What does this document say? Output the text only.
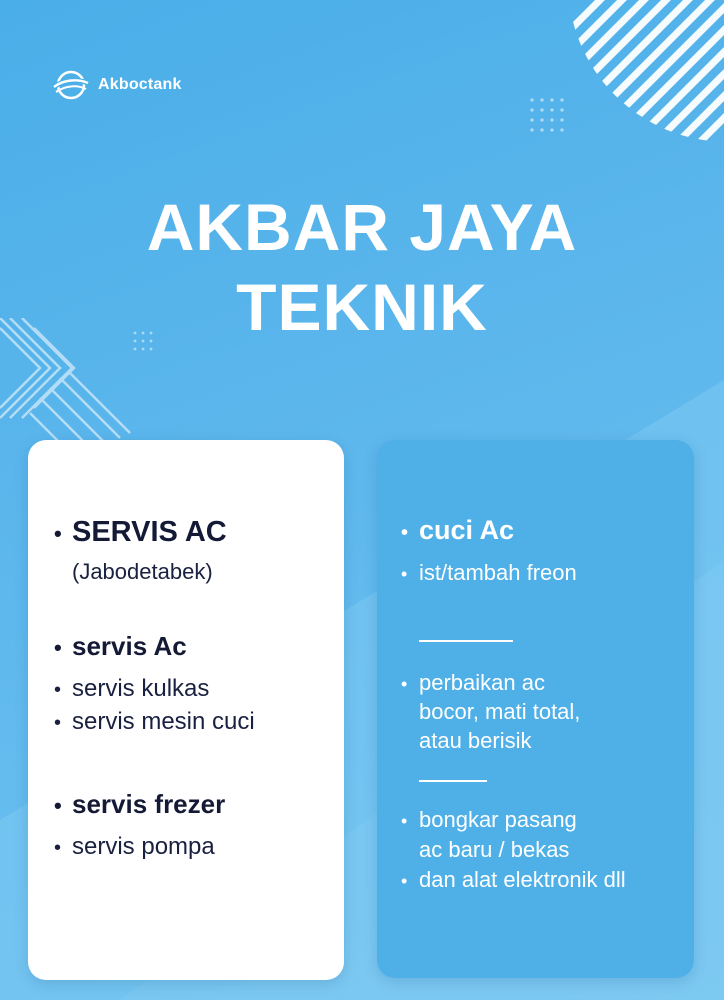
Akboctank
AKBAR JAYA
TEKNIK
• SERVIS AC
(Jabodetabek)
• servis Ac
• servis kulkas
• servis mesin cuci
• servis frezer
• servis pompa
• cuci Ac
• ist/tambah freon
• perbaikan ac
bocor, mati total,
atau berisik
• bongkar pasang
ac baru / bekas
• dan alat elektronik dll
